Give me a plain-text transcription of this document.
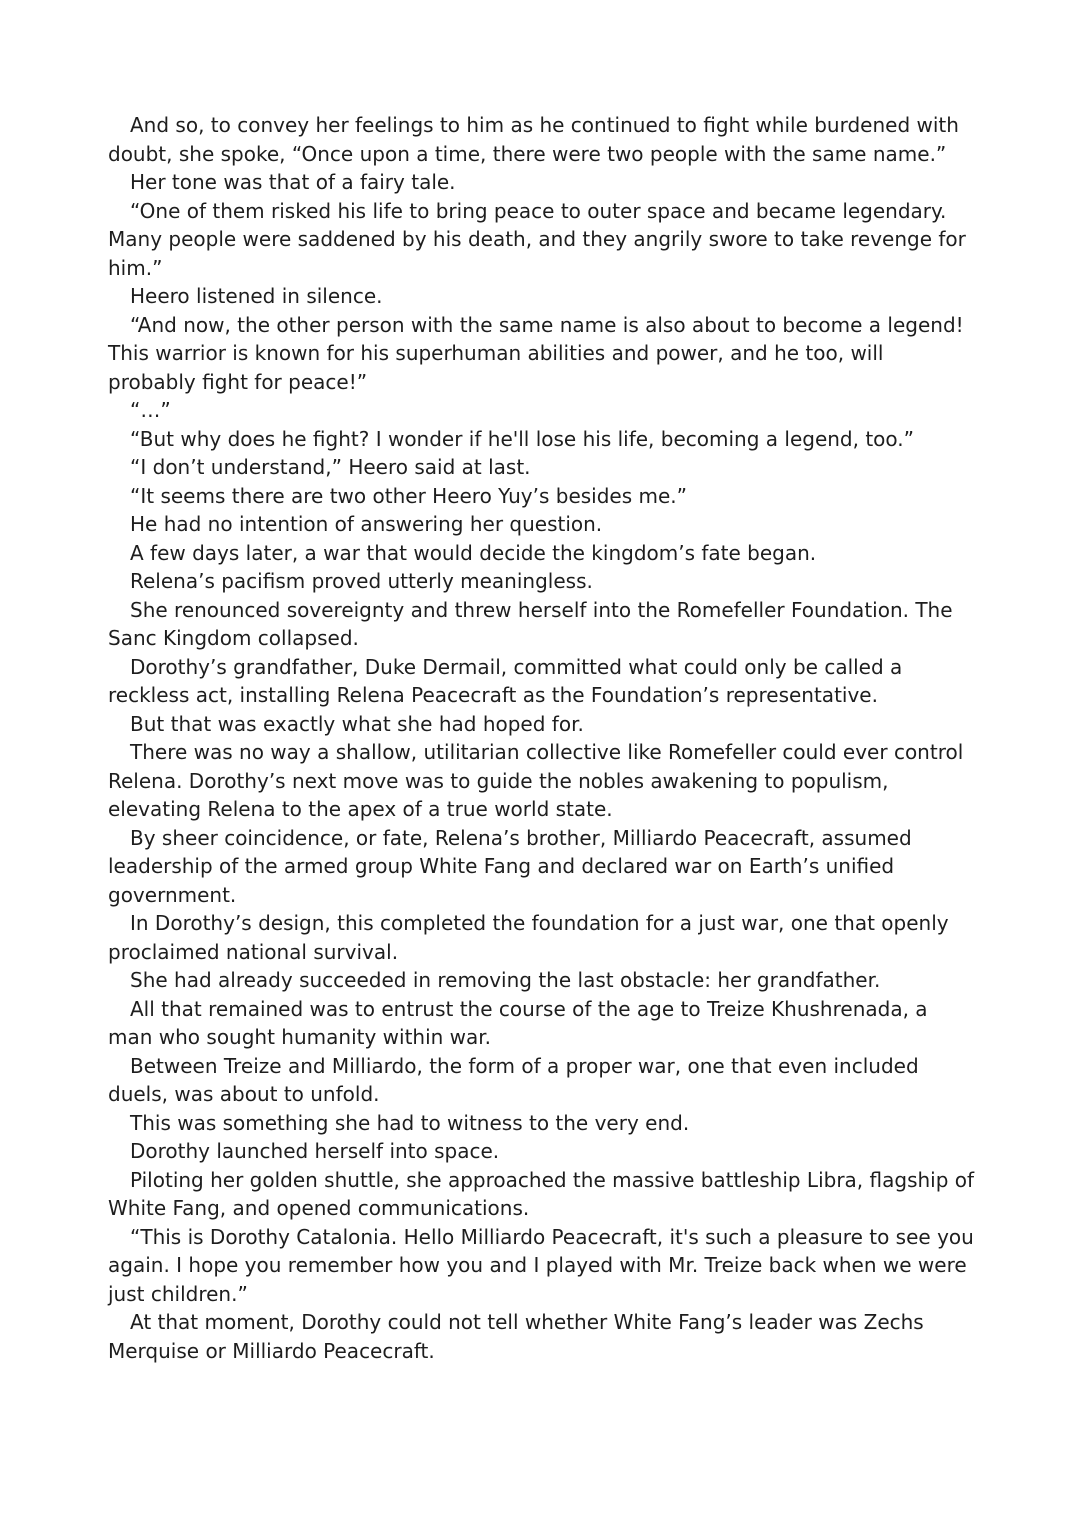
And so, to convey her feelings to him as he continued to fight while burdened with doubt, she spoke, “Once upon a time, there were two people with the same name.”

Her tone was that of a fairy tale.

“One of them risked his life to bring peace to outer space and became legendary. Many people were saddened by his death, and they angrily swore to take revenge for him.”

Heero listened in silence.

“And now, the other person with the same name is also about to become a legend! This warrior is known for his superhuman abilities and power, and he too, will probably fight for peace!”

“…”

“But why does he fight? I wonder if he'll lose his life, becoming a legend, too.”

“I don’t understand,” Heero said at last.

“It seems there are two other Heero Yuy’s besides me.”

He had no intention of answering her question.

A few days later, a war that would decide the kingdom’s fate began.

Relena’s pacifism proved utterly meaningless.

She renounced sovereignty and threw herself into the Romefeller Foundation. The Sanc Kingdom collapsed.

Dorothy’s grandfather, Duke Dermail, committed what could only be called a reckless act, installing Relena Peacecraft as the Foundation’s representative.

But that was exactly what she had hoped for.

There was no way a shallow, utilitarian collective like Romefeller could ever control Relena. Dorothy’s next move was to guide the nobles awakening to populism, elevating Relena to the apex of a true world state.

By sheer coincidence, or fate, Relena’s brother, Milliardo Peacecraft, assumed leadership of the armed group White Fang and declared war on Earth’s unified government.

In Dorothy’s design, this completed the foundation for a just war, one that openly proclaimed national survival.

She had already succeeded in removing the last obstacle: her grandfather.

All that remained was to entrust the course of the age to Treize Khushrenada, a man who sought humanity within war.

Between Treize and Milliardo, the form of a proper war, one that even included duels, was about to unfold.

This was something she had to witness to the very end.

Dorothy launched herself into space.

Piloting her golden shuttle, she approached the massive battleship Libra, flagship of White Fang, and opened communications.

“This is Dorothy Catalonia. Hello Milliardo Peacecraft, it's such a pleasure to see you again. I hope you remember how you and I played with Mr. Treize back when we were just children.”

At that moment, Dorothy could not tell whether White Fang’s leader was Zechs Merquise or Milliardo Peacecraft.
